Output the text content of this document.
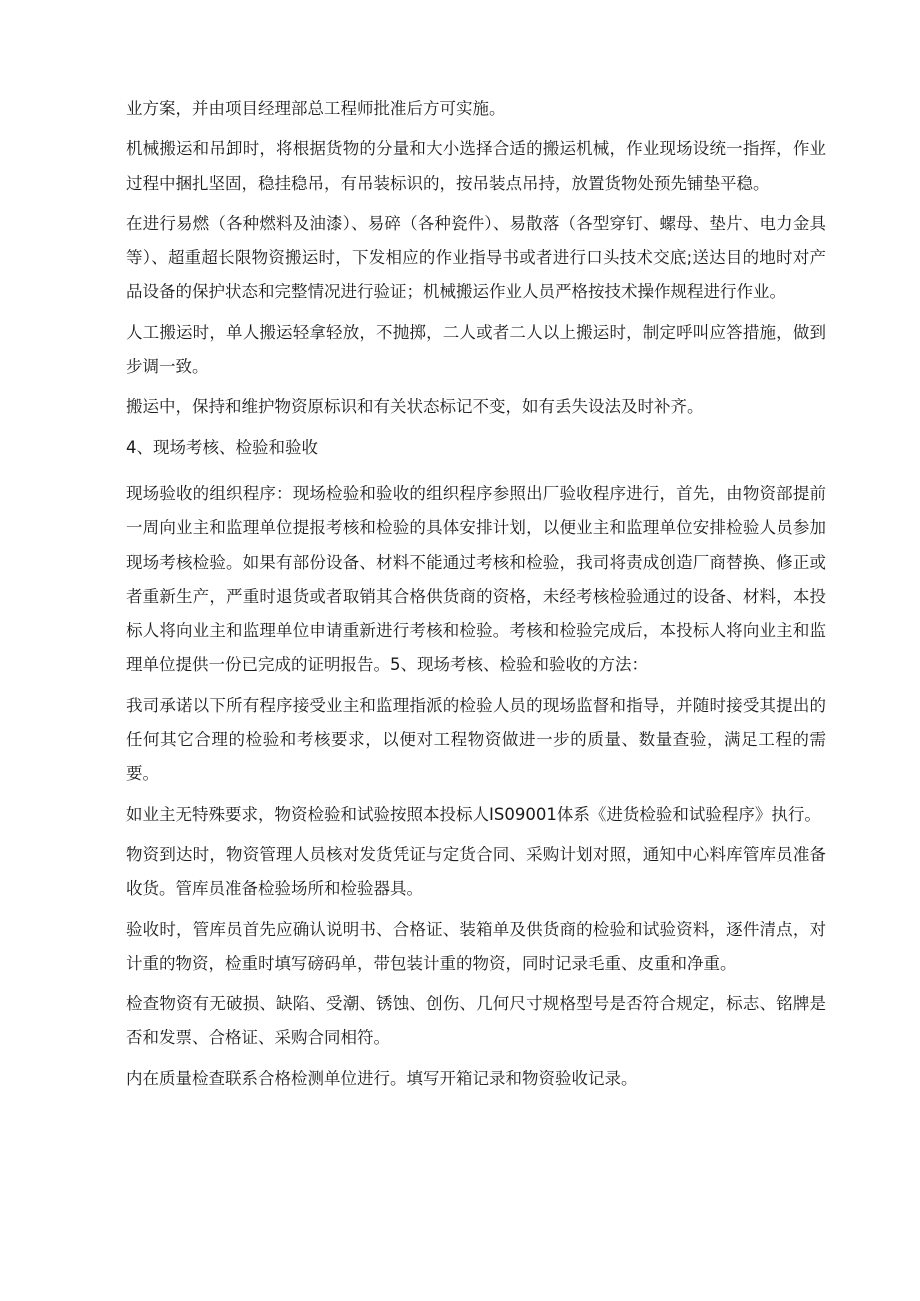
业方案，并由项目经理部总工程师批准后方可实施。

机械搬运和吊卸时，将根据货物的分量和大小选择合适的搬运机械，作业现场设统一指挥，作业过程中捆扎坚固，稳挂稳吊，有吊装标识的，按吊装点吊持，放置货物处预先铺垫平稳。

在进行易燃（各种燃料及油漆）、易碎（各种瓷件）、易散落（各型穿钉、螺母、垫片、电力金具等）、超重超长限物资搬运时，下发相应的作业指导书或者进行口头技术交底;送达目的地时对产品设备的保护状态和完整情况进行验证；机械搬运作业人员严格按技术操作规程进行作业。

人工搬运时，单人搬运轻拿轻放，不抛掷，二人或者二人以上搬运时，制定呼叫应答措施，做到步调一致。

搬运中，保持和维护物资原标识和有关状态标记不变，如有丢失设法及时补齐。

4、现场考核、检验和验收

现场验收的组织程序：现场检验和验收的组织程序参照出厂验收程序进行，首先，由物资部提前一周向业主和监理单位提报考核和检验的具体安排计划，以便业主和监理单位安排检验人员参加现场考核检验。如果有部份设备、材料不能通过考核和检验，我司将责成创造厂商替换、修正或者重新生产，严重时退货或者取销其合格供货商的资格，未经考核检验通过的设备、材料，本投标人将向业主和监理单位申请重新进行考核和检验。考核和检验完成后，本投标人将向业主和监理单位提供一份已完成的证明报告。5、现场考核、检验和验收的方法：

我司承诺以下所有程序接受业主和监理指派的检验人员的现场监督和指导，并随时接受其提出的任何其它合理的检验和考核要求，以便对工程物资做进一步的质量、数量查验，满足工程的需要。

如业主无特殊要求，物资检验和试验按照本投标人IS09001体系《进货检验和试验程序》执行。

物资到达时，物资管理人员核对发货凭证与定货合同、采购计划对照，通知中心料库管库员准备收货。管库员准备检验场所和检验器具。

验收时，管库员首先应确认说明书、合格证、装箱单及供货商的检验和试验资料，逐件清点，对计重的物资，检重时填写磅码单，带包装计重的物资，同时记录毛重、皮重和净重。

检查物资有无破损、缺陷、受潮、锈蚀、创伤、几何尺寸规格型号是否符合规定，标志、铭牌是否和发票、合格证、采购合同相符。

内在质量检查联系合格检测单位进行。填写开箱记录和物资验收记录。
